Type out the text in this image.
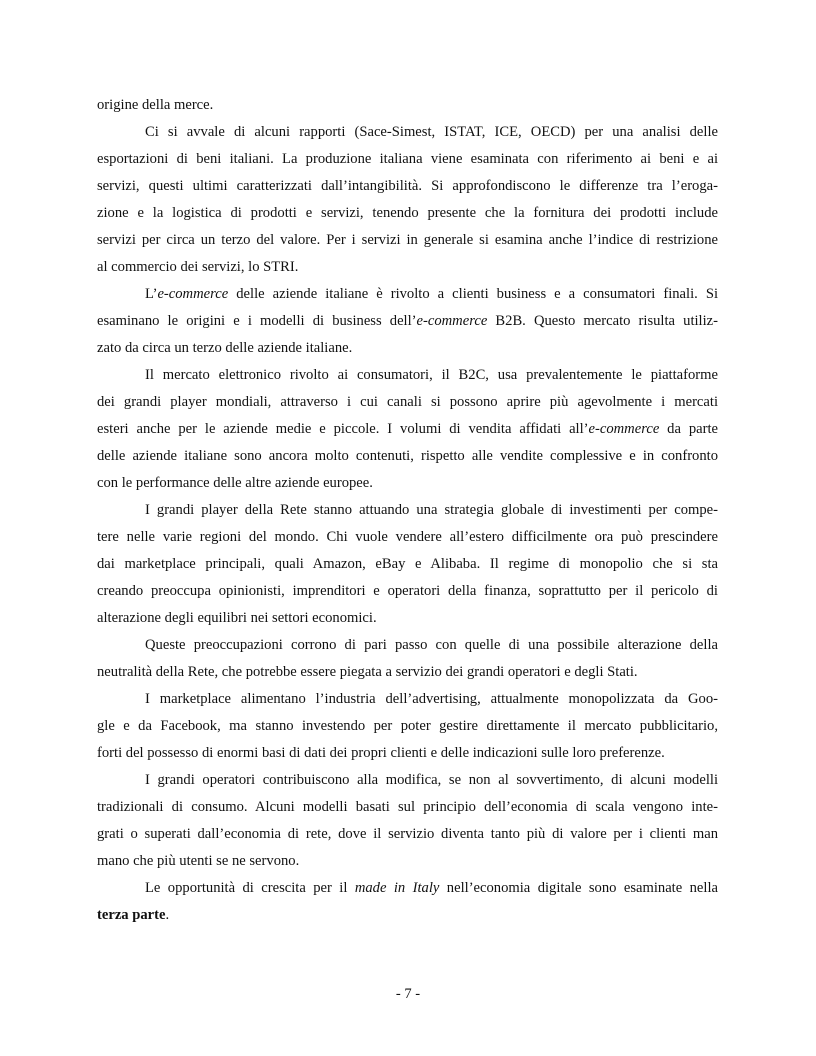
origine della merce.
Ci si avvale di alcuni rapporti (Sace-Simest, ISTAT, ICE, OECD) per una analisi delle
esportazioni di beni italiani. La produzione italiana viene esaminata con riferimento ai beni e ai
servizi, questi ultimi caratterizzati dall’intangibilità. Si approfondiscono le differenze tra l’eroga-
zione e la logistica di prodotti e servizi, tenendo presente che la fornitura dei prodotti include
servizi per circa un terzo del valore. Per i servizi in generale si esamina anche l’indice di restrizione
al commercio dei servizi, lo STRI.
L’e-commerce delle aziende italiane è rivolto a clienti business e a consumatori finali. Si
esaminano le origini e i modelli di business dell’e-commerce B2B. Questo mercato risulta utiliz-
zato da circa un terzo delle aziende italiane.
Il mercato elettronico rivolto ai consumatori, il B2C, usa prevalentemente le piattaforme
dei grandi player mondiali, attraverso i cui canali si possono aprire più agevolmente i mercati
esteri anche per le aziende medie e piccole. I volumi di vendita affidati all’e-commerce da parte
delle aziende italiane sono ancora molto contenuti, rispetto alle vendite complessive e in confronto
con le performance delle altre aziende europee.
I grandi player della Rete stanno attuando una strategia globale di investimenti per compe-
tere nelle varie regioni del mondo. Chi vuole vendere all’estero difficilmente ora può prescindere
dai marketplace principali, quali Amazon, eBay e Alibaba. Il regime di monopolio che si sta
creando preoccupa opinionisti, imprenditori e operatori della finanza, soprattutto per il pericolo di
alterazione degli equilibri nei settori economici.
Queste preoccupazioni corrono di pari passo con quelle di una possibile alterazione della
neutralità della Rete, che potrebbe essere piegata a servizio dei grandi operatori e degli Stati.
I marketplace alimentano l’industria dell’advertising, attualmente monopolizzata da Goo-
gle e da Facebook, ma stanno investendo per poter gestire direttamente il mercato pubblicitario,
forti del possesso di enormi basi di dati dei propri clienti e delle indicazioni sulle loro preferenze.
I grandi operatori contribuiscono alla modifica, se non al sovvertimento, di alcuni modelli
tradizionali di consumo. Alcuni modelli basati sul principio dell’economia di scala vengono inte-
grati o superati dall’economia di rete, dove il servizio diventa tanto più di valore per i clienti man
mano che più utenti se ne servono.
Le opportunità di crescita per il made in Italy nell’economia digitale sono esaminate nella
terza parte.
- 7 -
